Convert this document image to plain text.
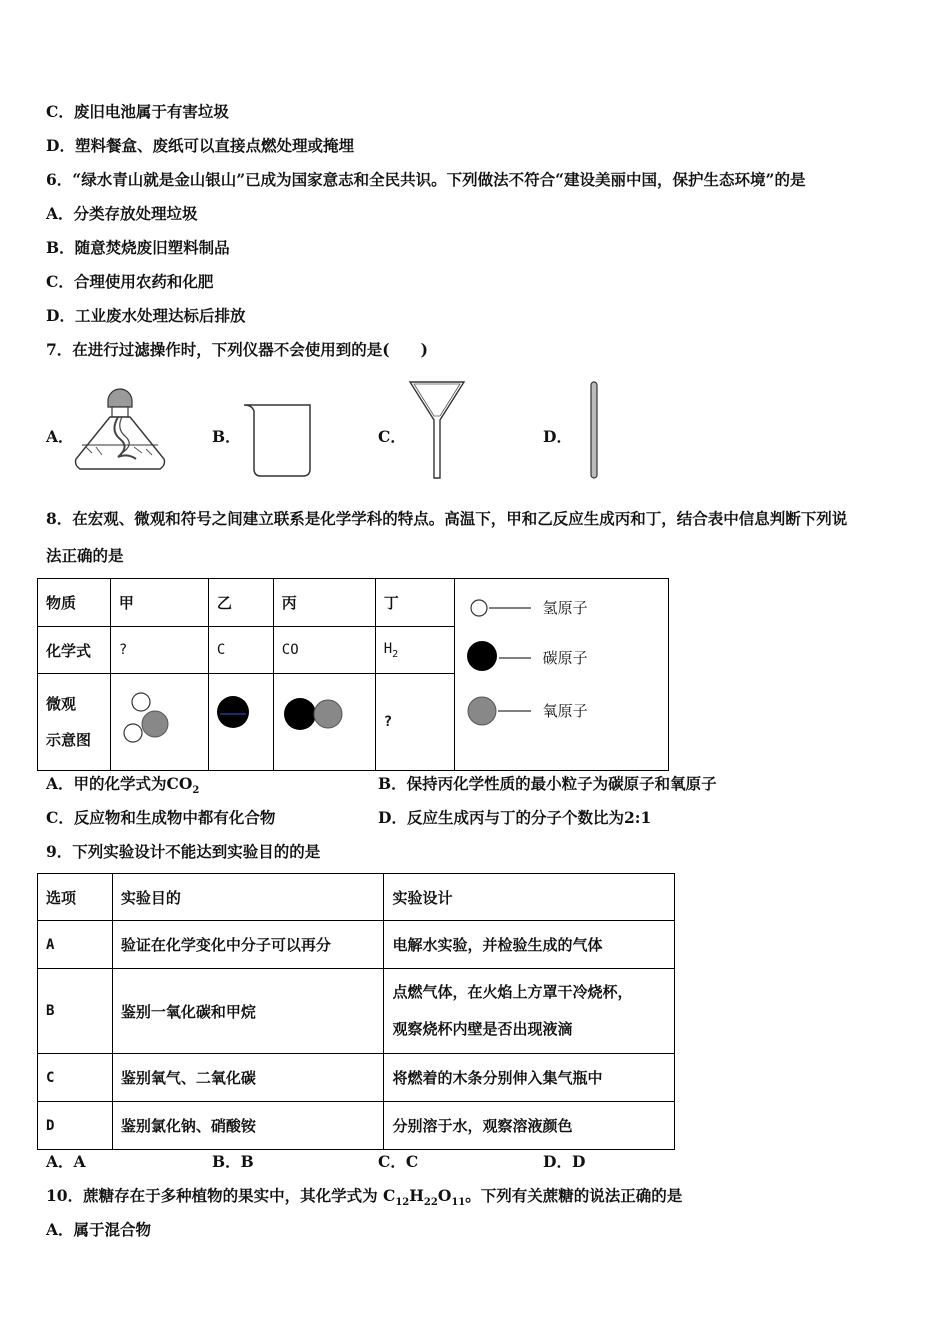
C．废旧电池属于有害垃圾
D．塑料餐盒、废纸可以直接点燃处理或掩埋
6．“绿水青山就是金山银山”已成为国家意志和全民共识。下列做法不符合“建设美丽中国，保护生态环境”的是
A．分类存放处理垃圾
B．随意焚烧废旧塑料制品
C．合理使用农药和化肥
D．工业废水处理达标后排放
7．在进行过滤操作时，下列仪器不会使用到的是(　　)
A．	B．	C．	D．
8．在宏观、微观和符号之间建立联系是化学学科的特点。高温下，甲和乙反应生成丙和丁，结合表中信息判断下列说
法正确的是
物质	甲	乙	丙	丁	氢原子
碳原子
氧原子

化学式	?	C	CO	$H_2$
微观
示意图				?	
A．甲的化学式为$CO_2$	B．保持丙化学性质的最小粒子为碳原子和氧原子
C．反应物和生成物中都有化合物	D．反应生成丙与丁的分子个数比为2:1
9．下列实验设计不能达到实验目的的是
选项	实验目的	实验设计
A	验证在化学变化中分子可以再分	电解水实验，并检验生成的气体
B	鉴别一氧化碳和甲烷	点燃气体，在火焰上方罩干冷烧杯，
观察烧杯内壁是否出现液滴
C	鉴别氧气、二氧化碳	将燃着的木条分别伸入集气瓶中
D	鉴别氯化钠、硝酸铵	分别溶于水，观察溶液颜色
A．A	B．B	C．C	D．D
10．蔗糖存在于多种植物的果实中，其化学式为 $C_{12}H_{22}O_{11}$。下列有关蔗糖的说法正确的是
A．属于混合物
